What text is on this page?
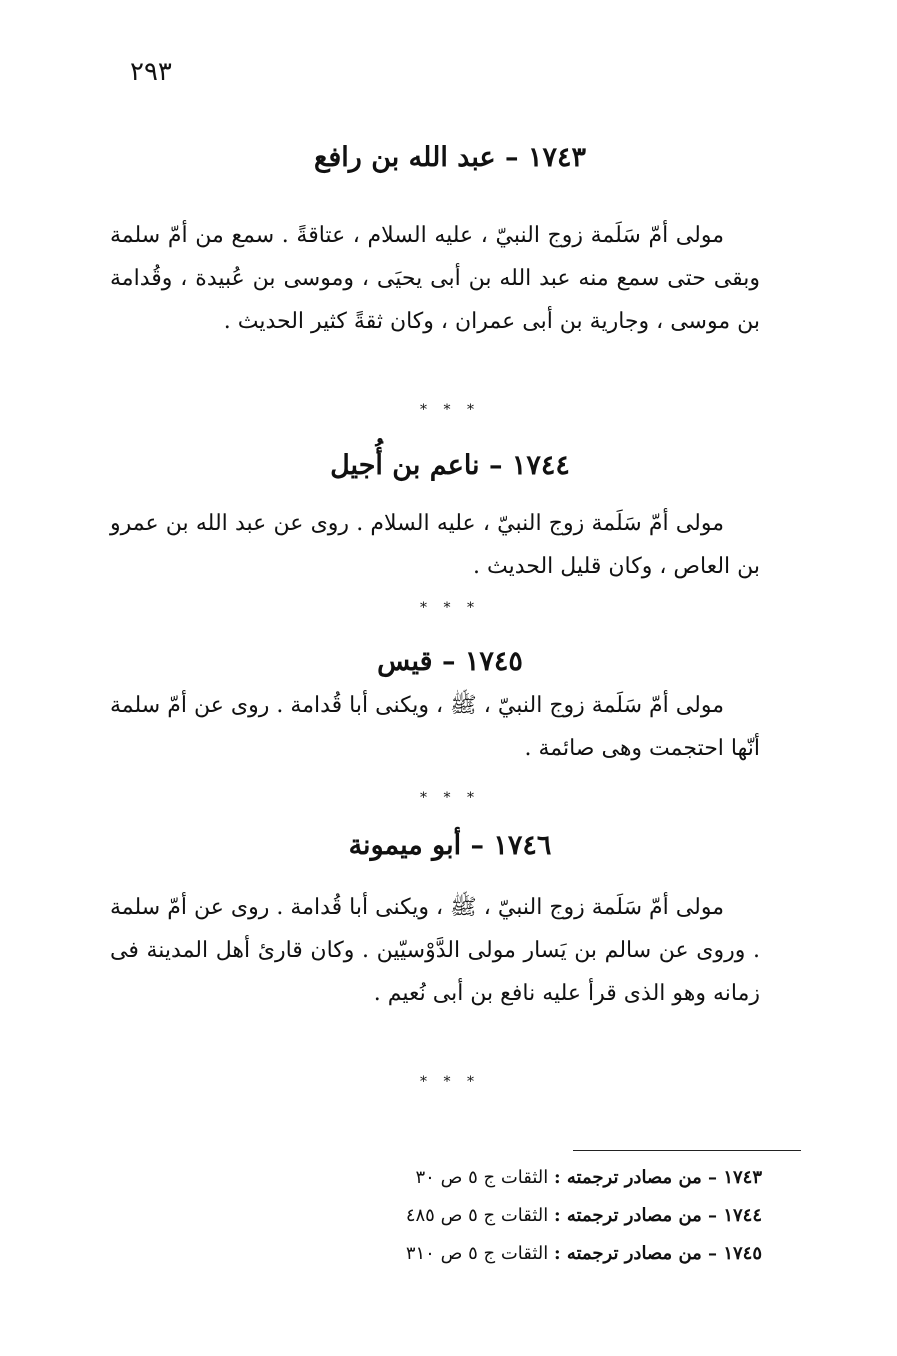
٢٩٣
١٧٤٣ – عبد الله بن رافع
مولى أمّ سَلَمة زوج النبيّ ، عليه السلام ، عتاقةً . سمع من أمّ سلمة وبقى حتى سمع منه عبد الله بن أبى يحيَى ، وموسى بن عُبيدة ، وقُدامة بن موسى ، وجارية بن أبى عمران ، وكان ثقةً كثير الحديث .
* * *
١٧٤٤ – ناعم بن أُجيل
مولى أمّ سَلَمة زوج النبيّ ، عليه السلام . روى عن عبد الله بن عمرو بن العاص ، وكان قليل الحديث .
* * *
١٧٤٥ – قيس
مولى أمّ سَلَمة زوج النبيّ ، ﷺ ، ويكنى أبا قُدامة . روى عن أمّ سلمة أنّها احتجمت وهى صائمة .
* * *
١٧٤٦ – أبو ميمونة
مولى أمّ سَلَمة زوج النبيّ ، ﷺ ، ويكنى أبا قُدامة . روى عن أمّ سلمة . وروى عن سالم بن يَسار مولى الدَّوْسيّين . وكان قارئ أهل المدينة فى زمانه وهو الذى قرأ عليه نافع بن أبى نُعيم .
* * *
١٧٤٣ – من مصادر ترجمته : الثقات ج ٥ ص ٣٠
١٧٤٤ – من مصادر ترجمته : الثقات ج ٥ ص ٤٨٥
١٧٤٥ – من مصادر ترجمته : الثقات ج ٥ ص ٣١٠
